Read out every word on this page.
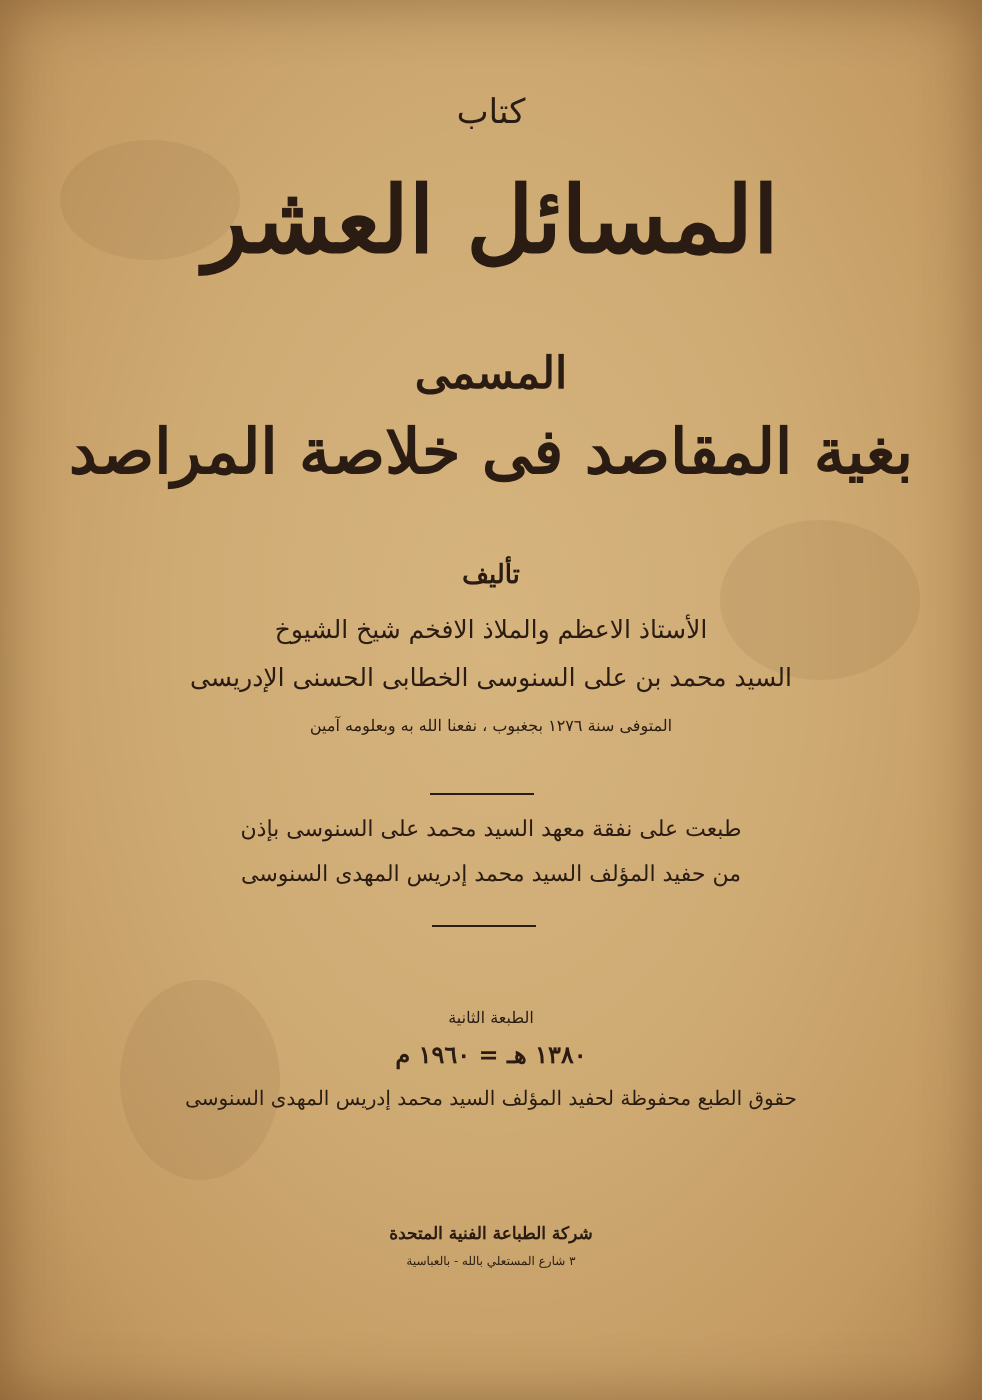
كتاب
المسائل العشر
المسمى
بغية المقاصد فى خلاصة المراصد
تأليف
الأستاذ الاعظم والملاذ الافخم شيخ الشيوخ
السيد محمد بن على السنوسى الخطابى الحسنى الإدريسى
المتوفى سنة ١٢٧٦ بجغبوب ، نفعنا الله به وبعلومه آمين
طبعت على نفقة معهد السيد محمد على السنوسى بإذن
من حفيد المؤلف السيد محمد إدريس المهدى السنوسى
الطبعة الثانية
١٣٨٠ هـ = ١٩٦٠ م
حقوق الطبع محفوظة لحفيد المؤلف السيد محمد إدريس المهدى السنوسى
شركة الطباعة الفنية المتحدة
٣ شارع المستعلي بالله - بالعباسية
